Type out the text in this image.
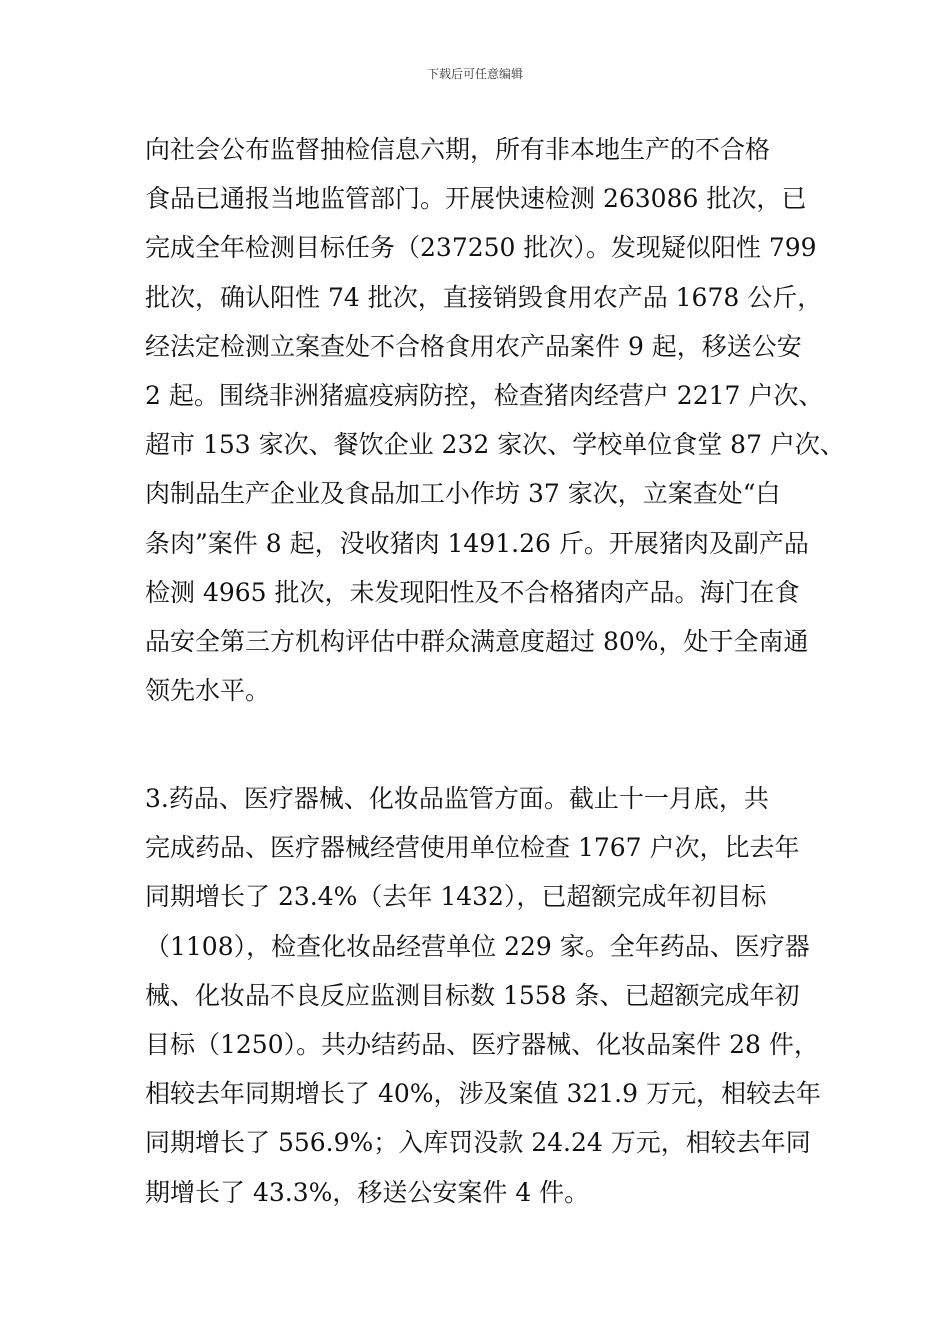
下载后可任意编辑
向社会公布监督抽检信息六期，所有非本地生产的不合格
食品已通报当地监管部门。开展快速检测 263086 批次，已
完成全年检测目标任务（237250 批次）。发现疑似阳性 799
批次，确认阳性 74 批次，直接销毁食用农产品 1678 公斤，
经法定检测立案查处不合格食用农产品案件 9 起，移送公安
2 起。围绕非洲猪瘟疫病防控，检查猪肉经营户 2217 户次、
超市 153 家次、餐饮企业 232 家次、学校单位食堂 87 户次、
肉制品生产企业及食品加工小作坊 37 家次，立案查处“白
条肉”案件 8 起，没收猪肉 1491.26 斤。开展猪肉及副产品
检测 4965 批次，未发现阳性及不合格猪肉产品。海门在食
品安全第三方机构评估中群众满意度超过 80%，处于全南通
领先水平。
3.药品、医疗器械、化妆品监管方面。截止十一月底，共
完成药品、医疗器械经营使用单位检查 1767 户次，比去年
同期增长了 23.4%（去年 1432），已超额完成年初目标
（1108），检查化妆品经营单位 229 家。全年药品、医疗器
械、化妆品不良反应监测目标数 1558 条、已超额完成年初
目标（1250）。共办结药品、医疗器械、化妆品案件 28 件，
相较去年同期增长了 40%，涉及案值 321.9 万元，相较去年
同期增长了 556.9%；入库罚没款 24.24 万元，相较去年同
期增长了 43.3%，移送公安案件 4 件。
